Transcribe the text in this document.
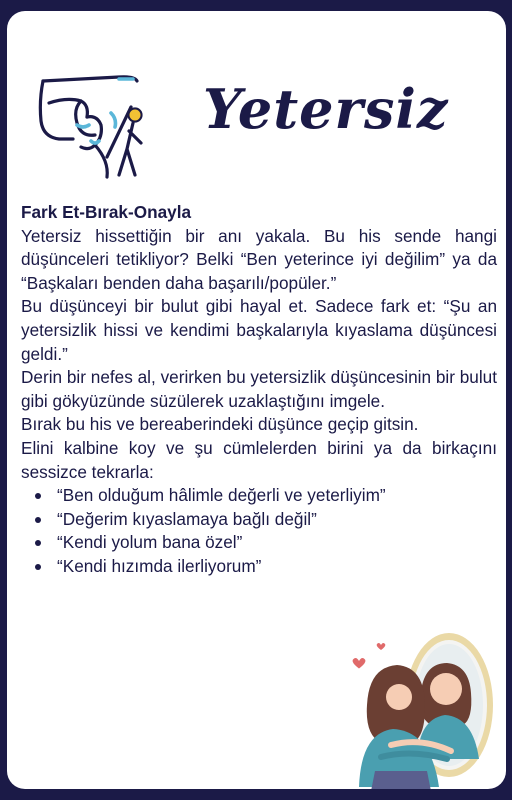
Yetersiz
Fark Et-Bırak-Onayla
Yetersiz hissettiğin bir anı yakala. Bu his sende hangi düşünceleri tetikliyor? Belki “Ben yeterince iyi değilim” ya da “Başkaları benden daha başarılı/popüler.”
Bu düşünceyi bir bulut gibi hayal et. Sadece fark et: “Şu an yetersizlik hissi ve kendimi başkalarıyla kıyaslama düşüncesi geldi.”
Derin bir nefes al, verirken bu yetersizlik düşüncesinin bir bulut gibi gökyüzünde süzülerek uzaklaştığını imgele.
Bırak bu his ve bereaberindeki düşünce geçip gitsin.
Elini kalbine koy ve şu cümlelerden birini ya da birkaçını sessizce tekrarla:
“Ben olduğum hâlimle değerli ve yeterliyim”
“Değerim kıyaslamaya bağlı değil”
“Kendi yolum bana özel”
“Kendi hızımda ilerliyorum”
